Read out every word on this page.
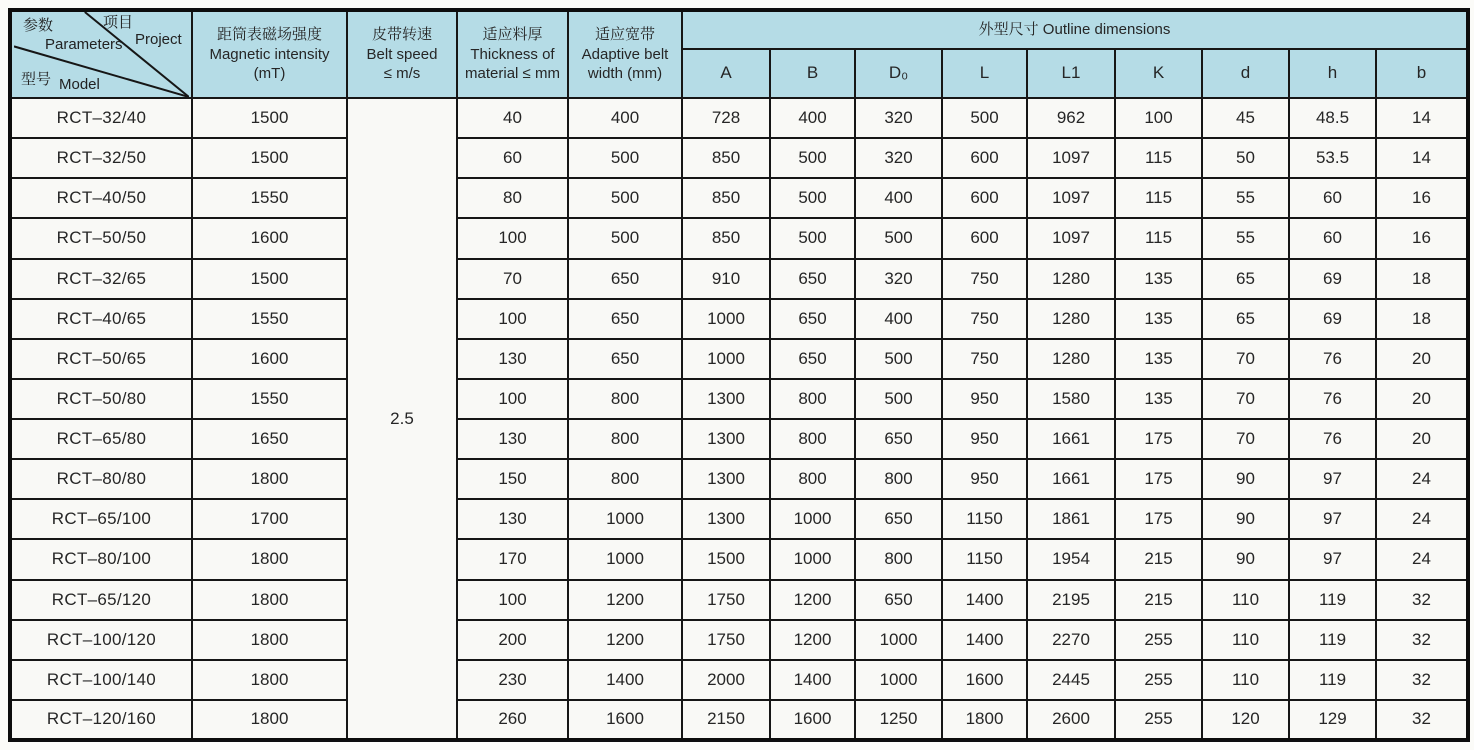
参数
Parameters
项目
Project
型号 Model

距筒表磁场强度
Magnetic intensity
(mT)

皮带转速
Belt speed
≤ m/s

适应料厚
Thickness of
material ≤ mm

适应宽带
Adaptive belt
width (mm)
	外型尺寸 Outline dimensions
					A	B	D₀	L	L1	K	d	h	b
RCT–32/40	1500	2.5	40	400	728	400	320	500	962	100	45	48.5	14
RCT–32/50	1500		60	500	850	500	320	600	1097	115	50	53.5	14
RCT–40/50	1550		80	500	850	500	400	600	1097	115	55	60	16
RCT–50/50	1600		100	500	850	500	500	600	1097	115	55	60	16
RCT–32/65	1500		70	650	910	650	320	750	1280	135	65	69	18
RCT–40/65	1550		100	650	1000	650	400	750	1280	135	65	69	18
RCT–50/65	1600		130	650	1000	650	500	750	1280	135	70	76	20
RCT–50/80	1550		100	800	1300	800	500	950	1580	135	70	76	20
RCT–65/80	1650		130	800	1300	800	650	950	1661	175	70	76	20
RCT–80/80	1800		150	800	1300	800	800	950	1661	175	90	97	24
RCT–65/100	1700		130	1000	1300	1000	650	1150	1861	175	90	97	24
RCT–80/100	1800		170	1000	1500	1000	800	1150	1954	215	90	97	24
RCT–65/120	1800		100	1200	1750	1200	650	1400	2195	215	110	119	32
RCT–100/120	1800		200	1200	1750	1200	1000	1400	2270	255	110	119	32
RCT–100/140	1800		230	1400	2000	1400	1000	1600	2445	255	110	119	32
RCT–120/160	1800		260	1600	2150	1600	1250	1800	2600	255	120	129	32
